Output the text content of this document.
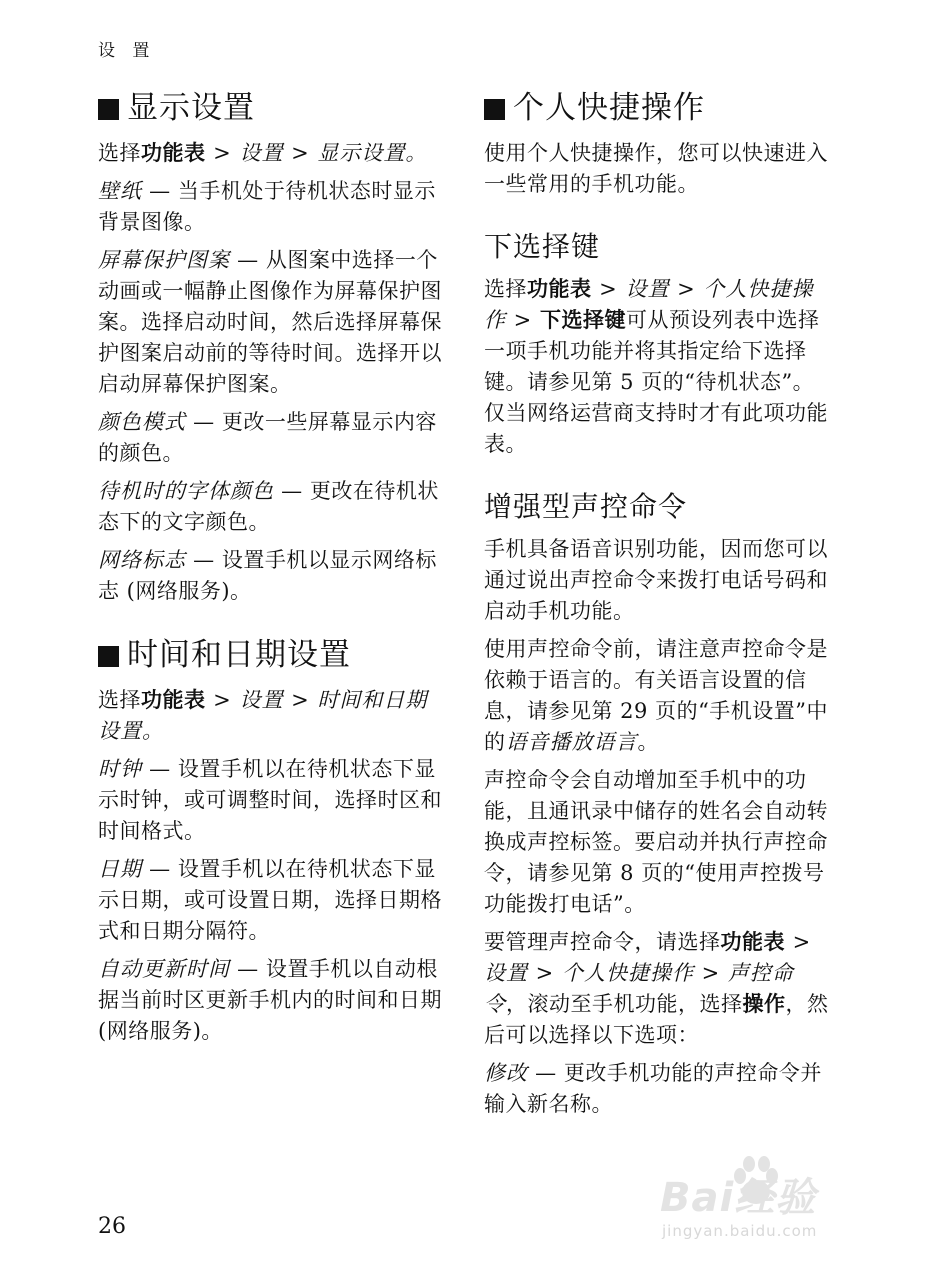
设 置
显示设置

选择功能表 > 设置 > 显示设置。

壁纸 — 当手机处于待机状态时显示背景图像。

屏幕保护图案 — 从图案中选择一个动画或一幅静止图像作为屏幕保护图案。选择启动时间，然后选择屏幕保护图案启动前的等待时间。选择开以启动屏幕保护图案。

颜色模式 — 更改一些屏幕显示内容的颜色。

待机时的字体颜色 — 更改在待机状态下的文字颜色。

网络标志 — 设置手机以显示网络标志 (网络服务)。

时间和日期设置

选择功能表 > 设置 > 时间和日期设置。

时钟 — 设置手机以在待机状态下显示时钟，或可调整时间，选择时区和时间格式。

日期 — 设置手机以在待机状态下显示日期，或可设置日期，选择日期格式和日期分隔符。

自动更新时间 — 设置手机以自动根据当前时区更新手机内的时间和日期 (网络服务)。

个人快捷操作

使用个人快捷操作，您可以快速进入一些常用的手机功能。

下选择键

选择功能表 > 设置 > 个人快捷操作 > 下选择键可从预设列表中选择一项手机功能并将其指定给下选择键。请参见第 5 页的“待机状态”。仅当网络运营商支持时才有此项功能表。

增强型声控命令

手机具备语音识别功能，因而您可以通过说出声控命令来拨打电话号码和启动手机功能。

使用声控命令前，请注意声控命令是依赖于语言的。有关语言设置的信息，请参见第 29 页的“手机设置”中的语音播放语言。

声控命令会自动增加至手机中的功能，且通讯录中储存的姓名会自动转换成声控标签。要启动并执行声控命令，请参见第 8 页的“使用声控拨号功能拨打电话”。

要管理声控命令，请选择功能表 > 设置 > 个人快捷操作 > 声控命令，滚动至手机功能，选择操作，然后可以选择以下选项：

修改 — 更改手机功能的声控命令并输入新名称。

26
Bai经验
jingyan.baidu.com
